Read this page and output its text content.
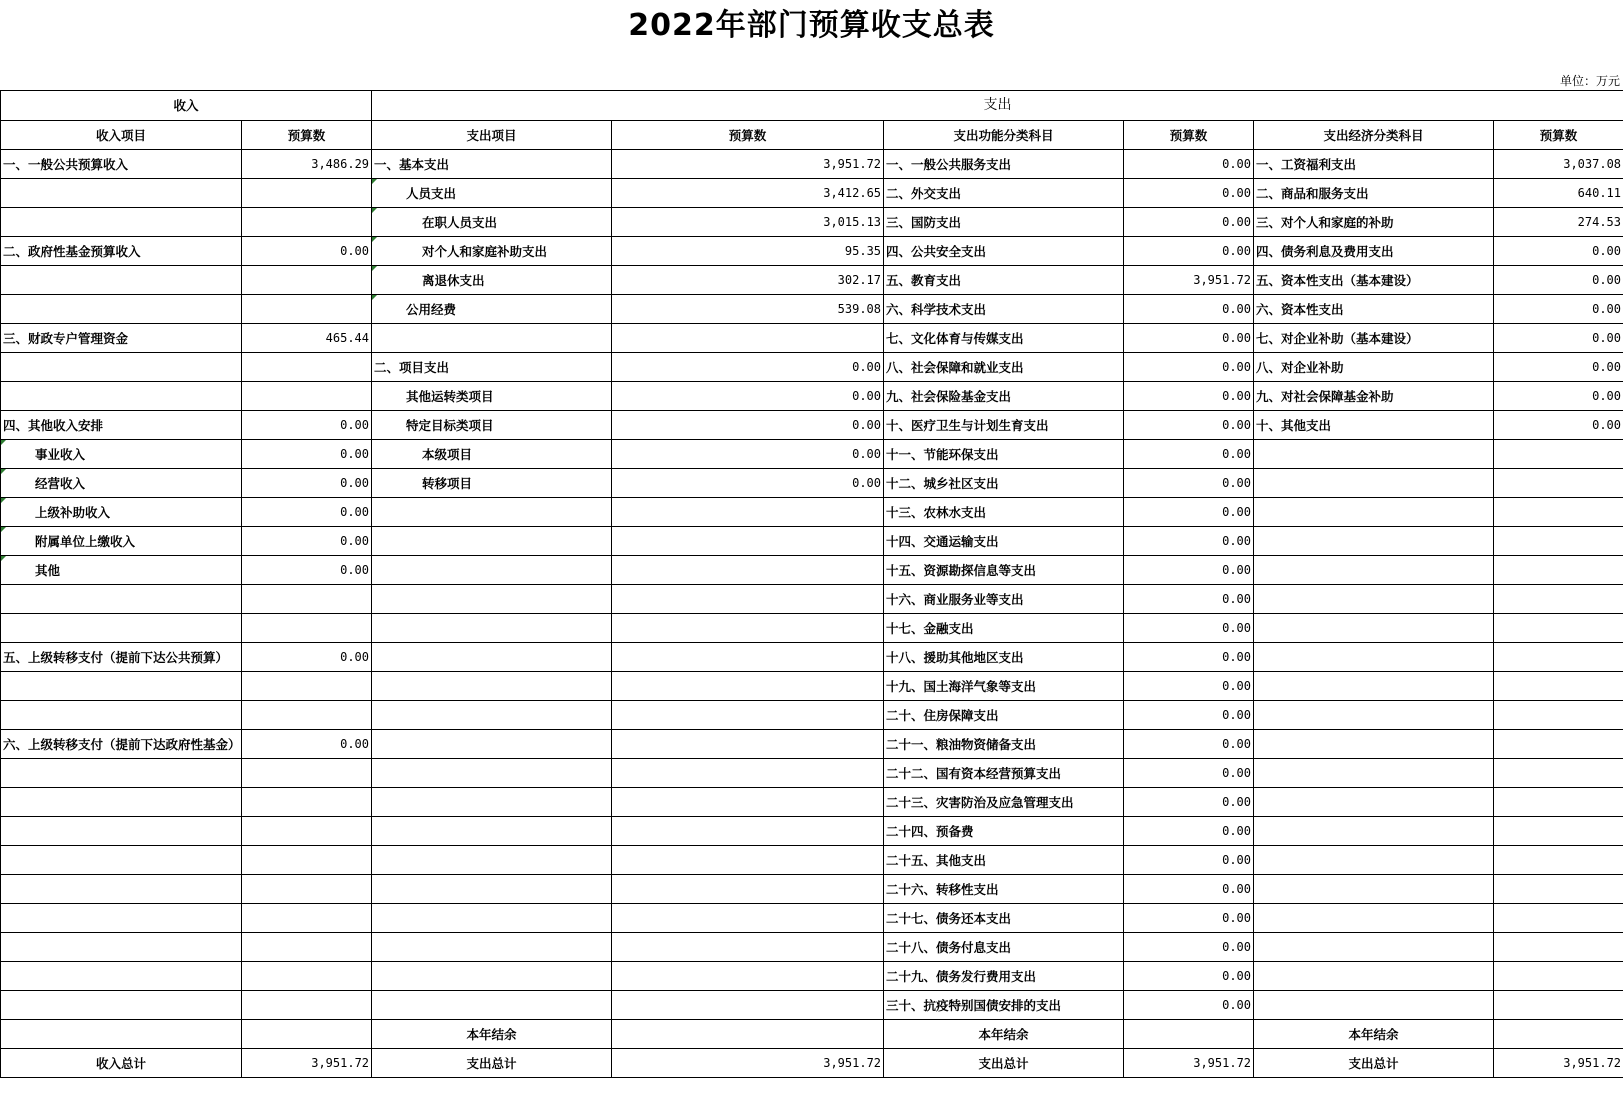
2022年部门预算收支总表
单位：万元
收入		支出					
收入项目	预算数	支出项目	预算数	支出功能分类科目	预算数	支出经济分类科目	预算数
一、一般公共预算收入	3,486.29	一、基本支出	3,951.72	一、一般公共服务支出	0.00	一、工资福利支出	3,037.08
		人员支出	3,412.65	二、外交支出	0.00	二、商品和服务支出	640.11
		在职人员支出	3,015.13	三、国防支出	0.00	三、对个人和家庭的补助	274.53
二、政府性基金预算收入	0.00	对个人和家庭补助支出	95.35	四、公共安全支出	0.00	四、债务利息及费用支出	0.00
		离退休支出	302.17	五、教育支出	3,951.72	五、资本性支出（基本建设）	0.00
		公用经费	539.08	六、科学技术支出	0.00	六、资本性支出	0.00
三、财政专户管理资金	465.44			七、文化体育与传媒支出	0.00	七、对企业补助（基本建设）	0.00
		二、项目支出	0.00	八、社会保障和就业支出	0.00	八、对企业补助	0.00
		其他运转类项目	0.00	九、社会保险基金支出	0.00	九、对社会保障基金补助	0.00
四、其他收入安排	0.00	特定目标类项目	0.00	十、医疗卫生与计划生育支出	0.00	十、其他支出	0.00
事业收入	0.00	本级项目	0.00	十一、节能环保支出	0.00		
经营收入	0.00	转移项目	0.00	十二、城乡社区支出	0.00		
上级补助收入	0.00			十三、农林水支出	0.00		
附属单位上缴收入	0.00			十四、交通运输支出	0.00		
其他	0.00			十五、资源勘探信息等支出	0.00		
				十六、商业服务业等支出	0.00		
				十七、金融支出	0.00		
五、上级转移支付（提前下达公共预算）	0.00			十八、援助其他地区支出	0.00		
				十九、国土海洋气象等支出	0.00		
				二十、住房保障支出	0.00		
六、上级转移支付（提前下达政府性基金）	0.00			二十一、粮油物资储备支出	0.00		
				二十二、国有资本经营预算支出	0.00		
				二十三、灾害防治及应急管理支出	0.00		
				二十四、预备费	0.00		
				二十五、其他支出	0.00		
				二十六、转移性支出	0.00		
				二十七、债务还本支出	0.00		
				二十八、债务付息支出	0.00		
				二十九、债务发行费用支出	0.00		
				三十、抗疫特别国债安排的支出	0.00		
		本年结余		本年结余		本年结余	
收入总计	3,951.72	支出总计	3,951.72	支出总计	3,951.72	支出总计	3,951.72
